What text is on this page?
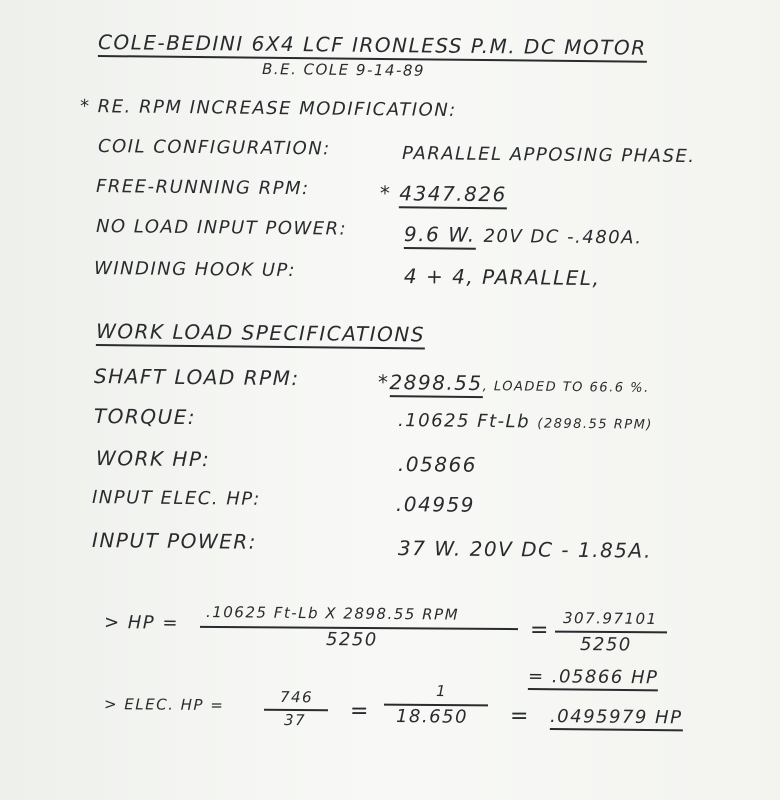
COLE-BEDINI 6X4 LCF IRONLESS P.M. DC MOTOR
B.E. COLE 9-14-89
* RE. RPM INCREASE MODIFICATION:
COIL CONFIGURATION:	PARALLEL APPOSING PHASE.
FREE-RUNNING RPM:	* 4347.826
NO LOAD INPUT POWER:	9.6 W. 20V DC -.480A.
WINDING HOOK UP:	4 + 4, PARALLEL,
WORK LOAD SPECIFICATIONS
SHAFT LOAD RPM:	*2898.55, LOADED TO 66.6 %.
TORQUE:	.10625 Ft-Lb (2898.55 RPM)
WORK HP:	.05866
INPUT ELEC. HP:	.04959
INPUT POWER:	37 W. 20V DC - 1.85A.
> HP = .10625 Ft-Lb X 2898.55 RPM
5250	= 307.97101
5250
= .05866 HP
> ELEC. HP =	746
37 =
1
18.650 = .0495979 HP
